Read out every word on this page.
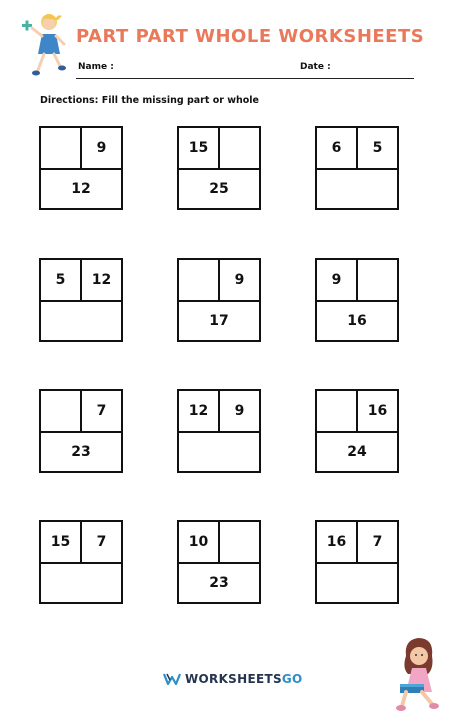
PART PART WHOLE WORKSHEETS
Name :	Date :
Directions: Fill the missing part or whole
9
12
15
25
6	5
5	12	9
17
9
16
7
23
12	9	16
24
15	7	10
23
16	7
WORKSHEETSGO
